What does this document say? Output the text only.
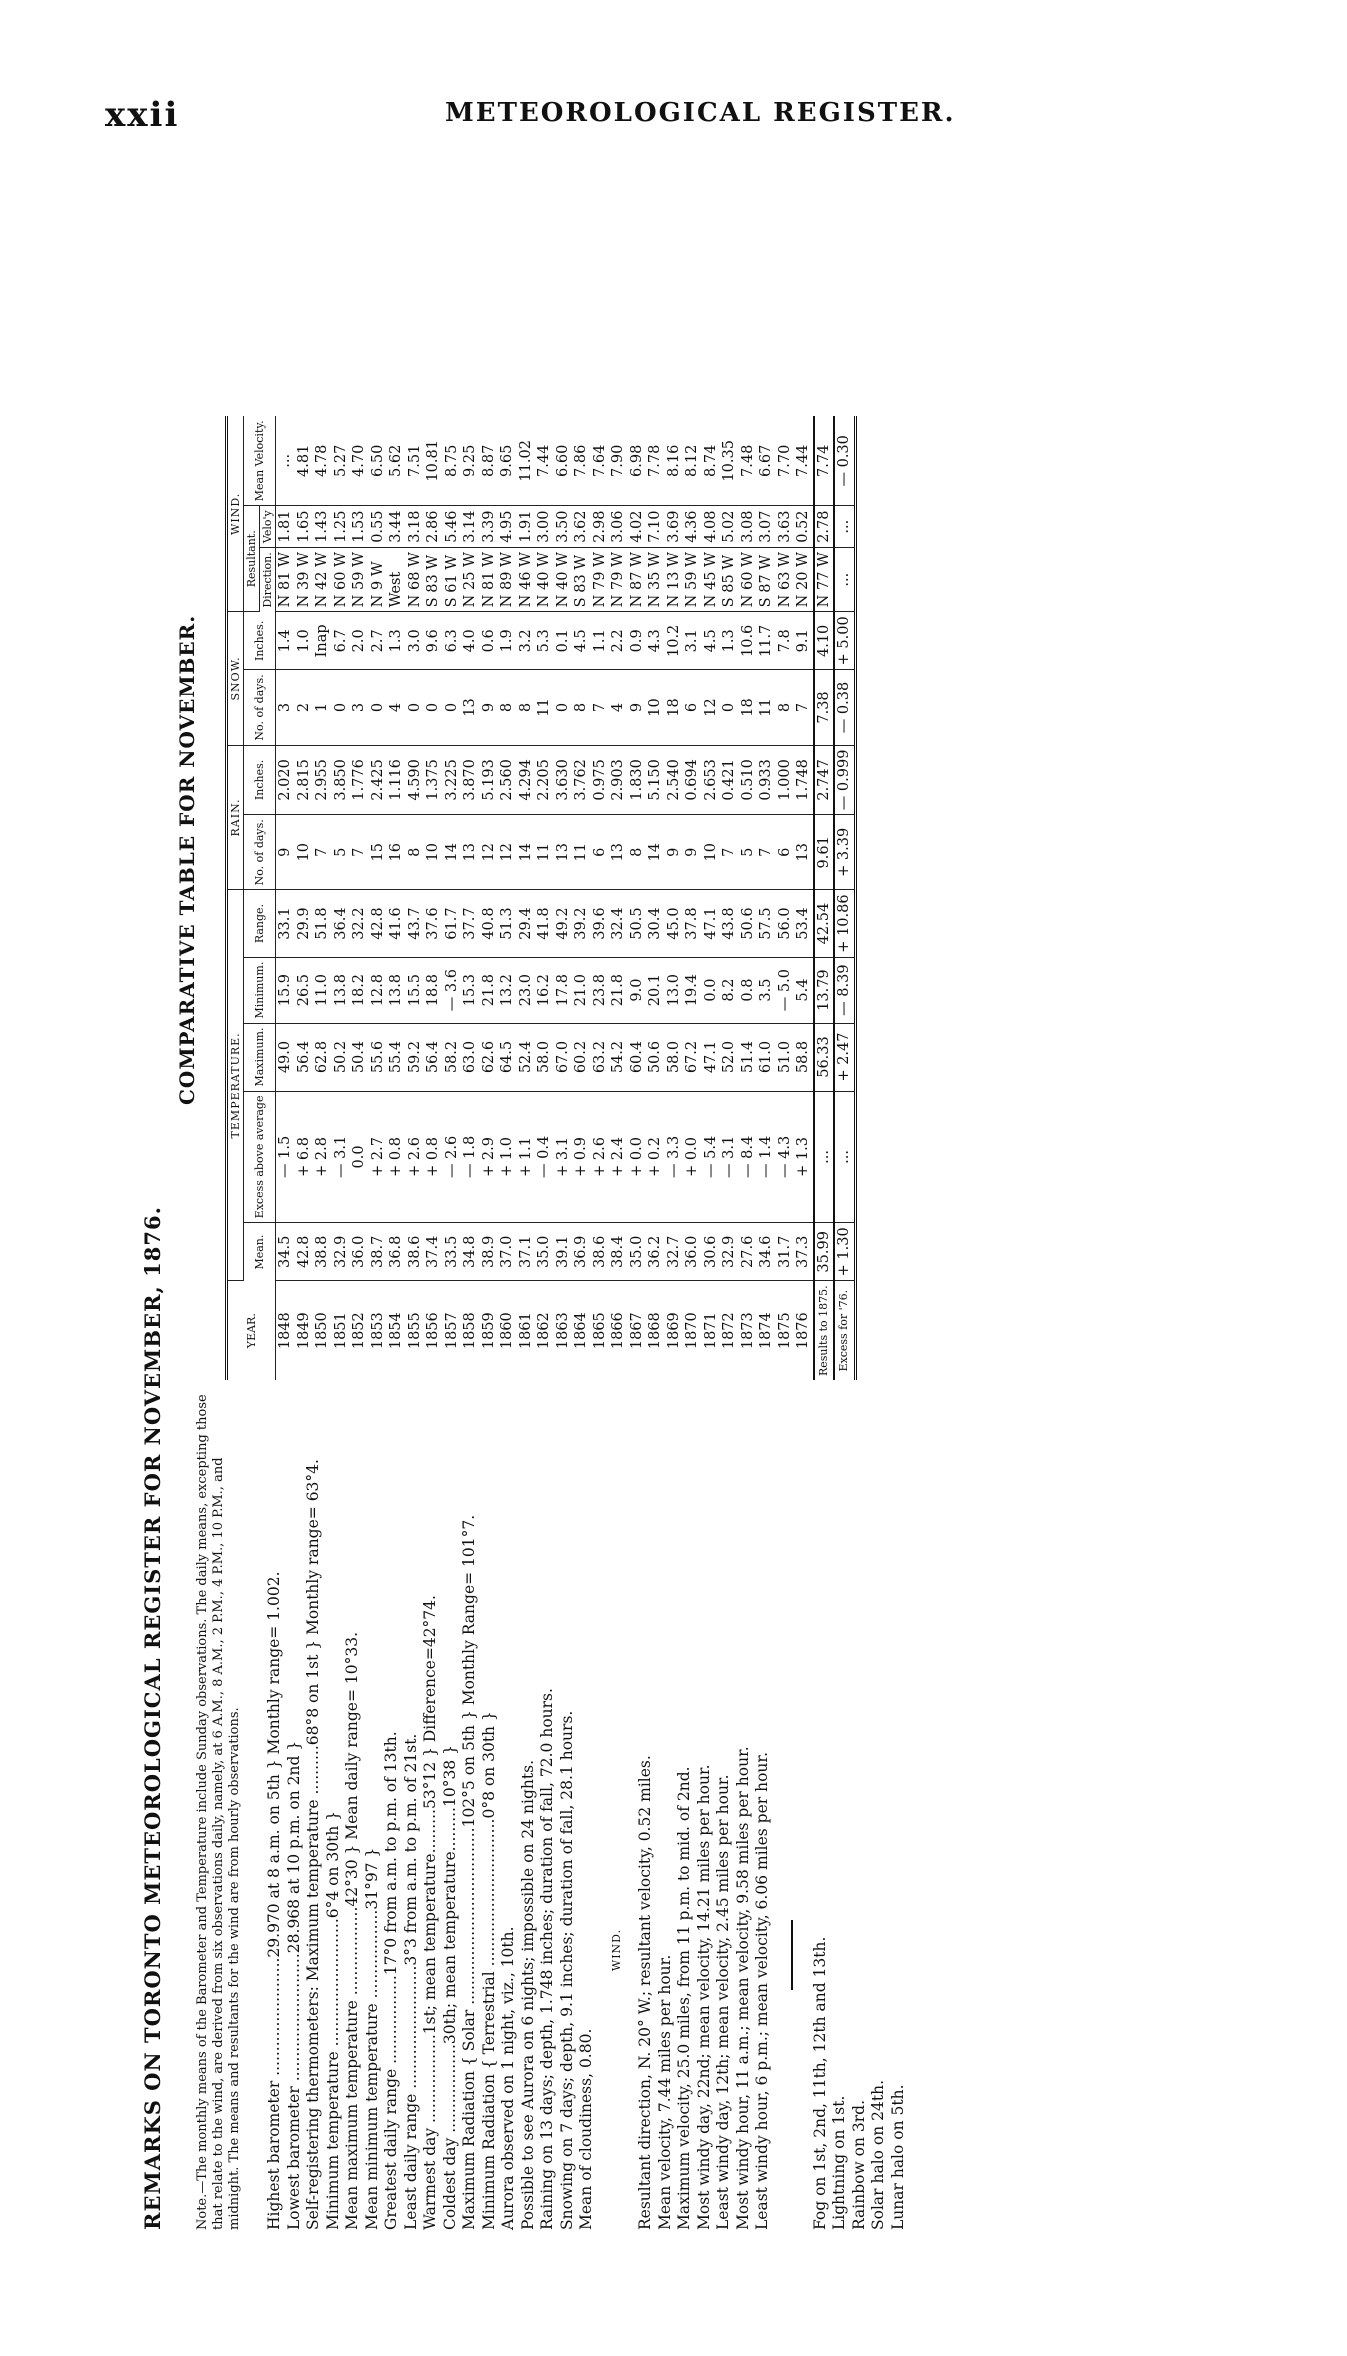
xxii	METEOROLOGICAL REGISTER.
REMARKS ON TORONTO METEOROLOGICAL REGISTER FOR NOVEMBER, 1876. Note.—The monthly means of the Barometer and Temperature include Sunday observations. The daily means, excepting those that relate to the wind, are derived from six observations daily, namely, at 6 A.M., 8 A.M., 2 P.M., 4 P.M., 10 P.M., and midnight. The means and resultants for the wind are from hourly observations. Highest barometer ........................29.970 at 8 a.m. on 5th } Monthly range= 1.002. Lowest barometer ..........................28.968 at 10 p.m. on 2nd } Self-registering thermometers: Maximum temperature ..........68°8 on 1st } Monthly range= 63°4. Minimum temperature ..........................6°4 on 30th } Mean maximum temperature ..................42°30 } Mean daily range= 10°33. Mean minimum temperature ..................31°97 } Greatest daily range ..................17°0 from a.m. to p.m. of 13th. Least daily range .........................3°3 from a.m. to p.m. of 21st. Warmest day ..................1st; mean temperature.........53°12 } Difference=42°74. Coldest day ..................30th; mean temperature.........10°38 } Maximum Radiation { Solar ....................................102°5 on 5th } Monthly Range= 101°7. Minimum Radiation { Terrestrial ..............................0°8 on 30th } Aurora observed on 1 night, viz., 10th. Possible to see Aurora on 6 nights; impossible on 24 nights. Raining on 13 days; depth, 1.748 inches; duration of fall, 72.0 hours. Snowing on 7 days; depth, 9.1 inches; duration of fall, 28.1 hours. Mean of cloudiness, 0.80.
WIND. Resultant direction, N. 20° W.; resultant velocity, 0.52 miles. Mean velocity, 7.44 miles per hour. Maximum velocity, 25.0 miles, from 11 p.m. to mid. of 2nd. Most windy day, 22nd; mean velocity, 14.21 miles per hour. Least windy day, 12th; mean velocity, 2.45 miles per hour. Most windy hour, 11 a.m.; mean velocity, 9.58 miles per hour. Least windy hour, 6 p.m.; mean velocity, 6.06 miles per hour.	Fog on 1st, 2nd, 11th, 12th and 13th. Lightning on 1st. Rainbow on 3rd. Solar halo on 24th. Lunar halo on 5th.
COMPARATIVE TABLE FOR NOVEMBER.
YEAR.	TEMPERATURE.					RAIN.		SNOW.		WIND.		
	Mean.	Excess above average	Maximum.	Minimum.	Range.	No. of days.	Inches.	No. of days.	Inches.	Resultant.		Mean Velocity.
										Direction.	Velo'y	
1848	34.5	— 1.5	49.0	15.9	33.1	9	2.020	3	1.4	N 81 W	1.81	...
1849	42.8	+ 6.8	56.4	26.5	29.9	10	2.815	2	1.0	N 39 W	1.65	4.81
1850	38.8	+ 2.8	62.8	11.0	51.8	7	2.955	1	Inap	N 42 W	1.43	4.78
1851	32.9	— 3.1	50.2	13.8	36.4	5	3.850	0	6.7	N 60 W	1.25	5.27
1852	36.0	0.0	50.4	18.2	32.2	7	1.776	3	2.0	N 59 W	1.53	4.70
1853	38.7	+ 2.7	55.6	12.8	42.8	15	2.425	0	2.7	N 9 W	0.55	6.50
1854	36.8	+ 0.8	55.4	13.8	41.6	16	1.116	4	1.3	West	3.44	5.62
1855	38.6	+ 2.6	59.2	15.5	43.7	8	4.590	0	3.0	N 68 W	3.18	7.51
1856	37.4	+ 0.8	56.4	18.8	37.6	10	1.375	0	9.6	S 83 W	2.86	10.81
1857	33.5	— 2.6	58.2	— 3.6	61.7	14	3.225	0	6.3	S 61 W	5.46	8.75
1858	34.8	— 1.8	63.0	15.3	37.7	13	3.870	13	4.0	N 25 W	3.14	9.25
1859	38.9	+ 2.9	62.6	21.8	40.8	12	5.193	9	0.6	N 81 W	3.39	8.87
1860	37.0	+ 1.0	64.5	13.2	51.3	12	2.560	8	1.9	N 89 W	4.95	9.65
1861	37.1	+ 1.1	52.4	23.0	29.4	14	4.294	8	3.2	N 46 W	1.91	11.02
1862	35.0	— 0.4	58.0	16.2	41.8	11	2.205	11	5.3	N 40 W	3.00	7.44
1863	39.1	+ 3.1	67.0	17.8	49.2	13	3.630	0	0.1	N 40 W	3.50	6.60
1864	36.9	+ 0.9	60.2	21.0	39.2	11	3.762	8	4.5	S 83 W	3.62	7.86
1865	38.6	+ 2.6	63.2	23.8	39.6	6	0.975	7	1.1	N 79 W	2.98	7.64
1866	38.4	+ 2.4	54.2	21.8	32.4	13	2.903	4	2.2	N 79 W	3.06	7.90
1867	35.0	+ 0.0	60.4	9.0	50.5	8	1.830	9	0.9	N 87 W	4.02	6.98
1868	36.2	+ 0.2	50.6	20.1	30.4	14	5.150	10	4.3	N 35 W	7.10	7.78
1869	32.7	— 3.3	58.0	13.0	45.0	9	2.540	18	10.2	N 13 W	3.69	8.16
1870	36.0	+ 0.0	67.2	19.4	37.8	9	0.694	6	3.1	N 59 W	4.36	8.12
1871	30.6	— 5.4	47.1	0.0	47.1	10	2.653	12	4.5	N 45 W	4.08	8.74
1872	32.9	— 3.1	52.0	8.2	43.8	7	0.421	0	1.3	S 85 W	5.02	10.35
1873	27.6	— 8.4	51.4	0.8	50.6	5	0.510	18	10.6	N 60 W	3.08	7.48
1874	34.6	— 1.4	61.0	3.5	57.5	7	0.933	11	11.7	S 87 W	3.07	6.67
1875	31.7	— 4.3	51.0	— 5.0	56.0	6	1.000	8	7.8	N 63 W	3.63	7.70
1876	37.3	+ 1.3	58.8	5.4	53.4	13	1.748	7	9.1	N 20 W	0.52	7.44
Results to 1875.	35.99	...	56.33	13.79	42.54	9.61	2.747	7.38	4.10	N 77 W	2.78	7.74
Excess for '76.	+ 1.30	...	+ 2.47	— 8.39	+ 10.86	+ 3.39	— 0.999	— 0.38	+ 5.00	...	...	— 0.30
